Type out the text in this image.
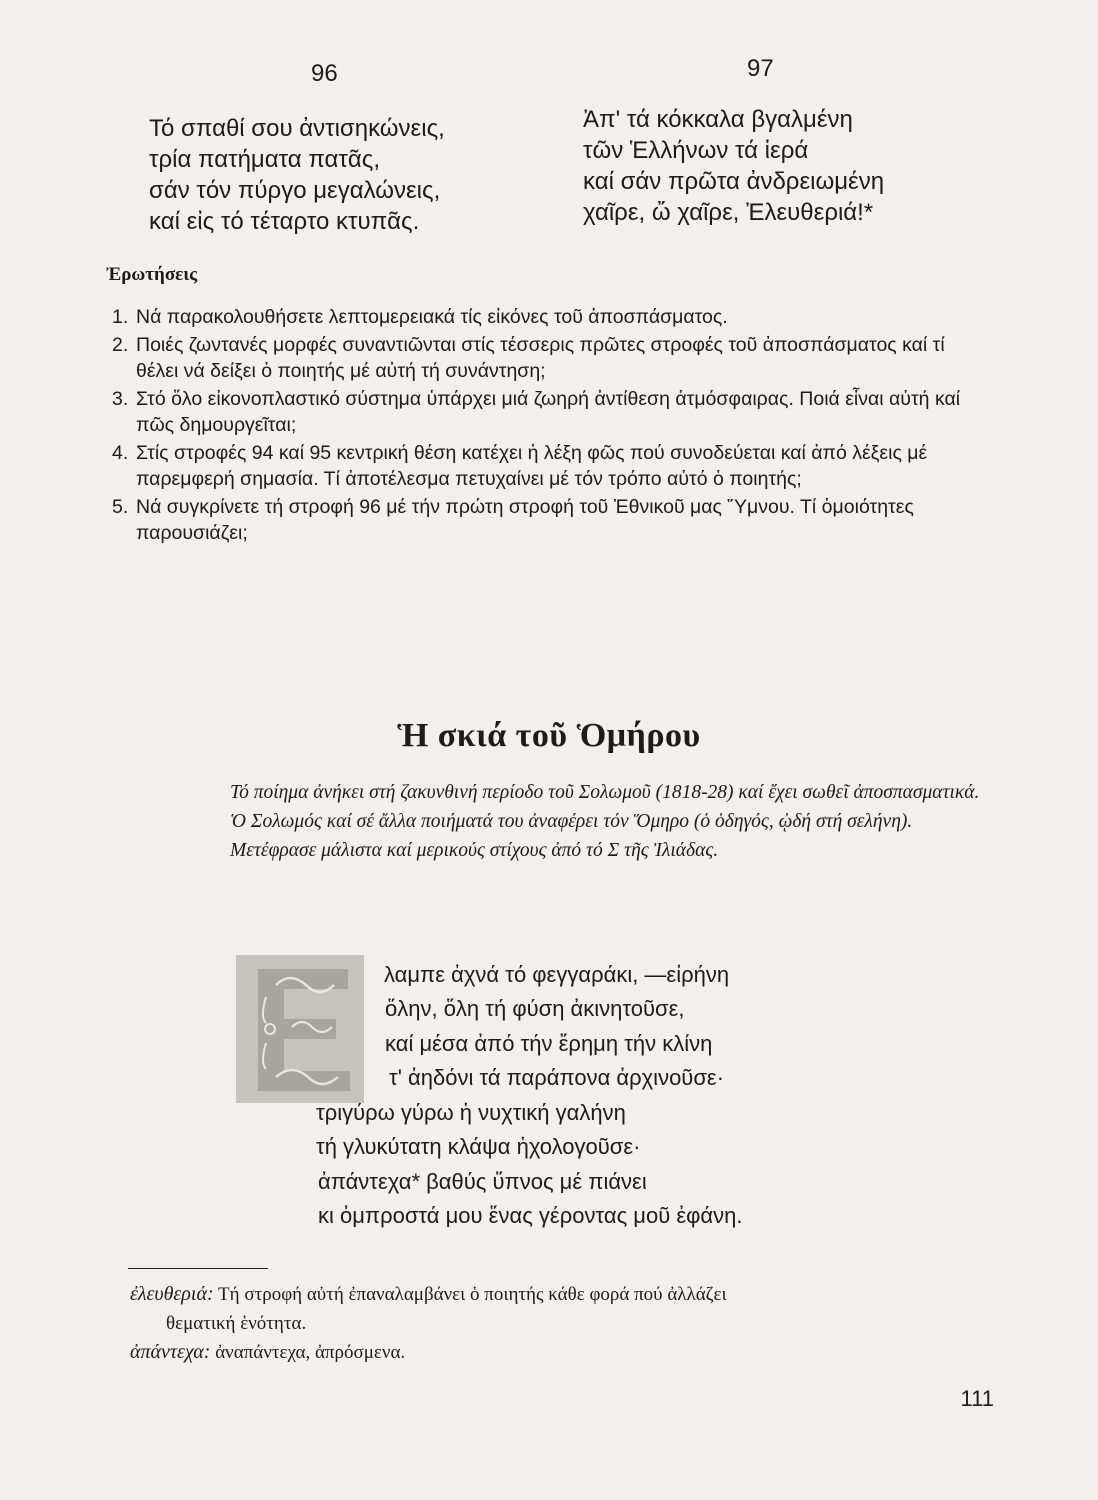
96	97
Τό σπαθί σου ἀντισηκώνεις,
τρία πατήματα πατᾶς,
σάν τόν πύργο μεγαλώνεις,
καί εἰς τό τέταρτο κτυπᾶς.
Ἀπ' τά κόκκαλα βγαλμένη
τῶν Ἑλλήνων τά ἱερά
καί σάν πρῶτα ἀνδρειωμένη
χαῖρε, ὤ χαῖρε, Ἐλευθεριά!*
Ἐρωτήσεις
1. Νά παρακολουθήσετε λεπτομερειακά τίς εἰκόνες τοῦ ἀποσπάσματος.
2. Ποιές ζωντανές μορφές συναντιῶνται στίς τέσσερις πρῶτες στροφές τοῦ ἀποσπάσματος καί τί θέλει νά δείξει ὁ ποιητής μέ αὐτή τή συνάντηση;
3. Στό ὅλο εἰκονοπλαστικό σύστημα ὑπάρχει μιά ζωηρή ἀντίθεση ἀτμόσφαιρας. Ποιά εἶναι αὐτή καί πῶς δημουργεῖται;
4. Στίς στροφές 94 καί 95 κεντρική θέση κατέχει ἡ λέξη φῶς πού συνοδεύεται καί ἀπό λέξεις μέ παρεμφερή σημασία. Τί ἀποτέλεσμα πετυχαίνει μέ τόν τρόπο αὐτό ὁ ποιητής;
5. Νά συγκρίνετε τή στροφή 96 μέ τήν πρώτη στροφή τοῦ Ἐθνικοῦ μας Ὕμνου. Τί ὁμοιότητες παρουσιάζει;
Ἡ σκιά τοῦ Ὁμήρου
Τό ποίημα ἀνήκει στή ζακυνθινή περίοδο τοῦ Σολωμοῦ (1818-28) καί ἔχει σωθεῖ ἀποσπασματικά. Ὁ Σολωμός καί σέ ἄλλα ποιήματά του ἀναφέρει τόν Ὅμηρο (ὁ ὁδηγός, ᾠδή στή σελήνη). Μετέφρασε μάλιστα καί μερικούς στίχους ἀπό τό Σ τῆς Ἰλιάδας.
λαμπε ἀχνά τό φεγγαράκι, —εἰρήνη
ὅλην, ὅλη τή φύση ἀκινητοῦσε,
καί μέσα ἀπό τήν ἔρημη τήν κλίνη
τ' ἀηδόνι τά παράπονα ἀρχινοῦσε·
τριγύρω γύρω ἡ νυχτική γαλήνη
τή γλυκύτατη κλάψα ἠχολογοῦσε·
ἀπάντεχα* βαθύς ὕπνος μέ πιάνει
κι ὀμπροστά μου ἕνας γέροντας μοῦ ἐφάνη.
ἐλευθεριά: Τή στροφή αὐτή ἐπαναλαμβάνει ὁ ποιητής κάθε φορά πού ἀλλάζει
θεματική ἑνότητα.
ἀπάντεχα: ἀναπάντεχα, ἀπρόσμενα.
111
